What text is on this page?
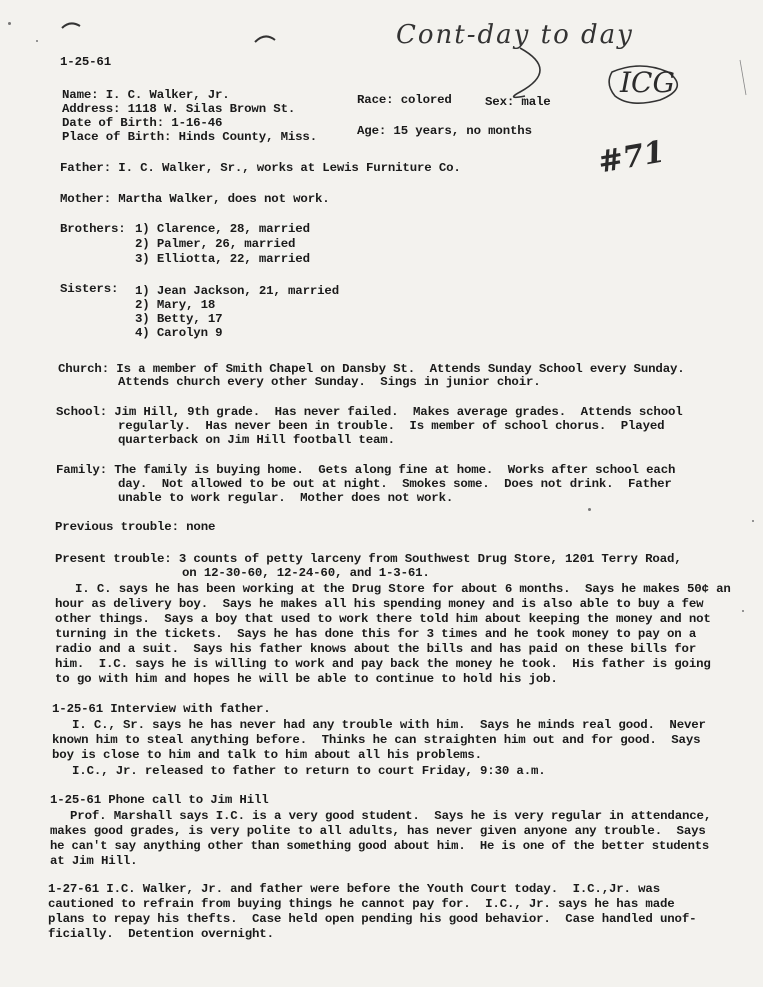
Cont-day to day
ICG
#71
1-25-61
Name: I. C. Walker, Jr.
Address: 1118 W. Silas Brown St.
Date of Birth: 1-16-46
Place of Birth: Hinds County, Miss.
Race: colored	Sex: male
Age: 15 years, no months
Father: I. C. Walker, Sr., works at Lewis Furniture Co.
Mother: Martha Walker, does not work.
Brothers: 1) Clarence, 28, married
2) Palmer, 26, married
3) Elliotta, 22, married
Sisters: 1) Jean Jackson, 21, married
2) Mary, 18
3) Betty, 17
4) Carolyn 9
Church: Is a member of Smith Chapel on Dansby St.  Attends Sunday School every Sunday.
Attends church every other Sunday.  Sings in junior choir.
School: Jim Hill, 9th grade.  Has never failed.  Makes average grades.  Attends school
regularly.  Has never been in trouble.  Is member of school chorus.  Played
quarterback on Jim Hill football team.
Family: The family is buying home.  Gets along fine at home.  Works after school each
day.  Not allowed to be out at night.  Smokes some.  Does not drink.  Father
unable to work regular.  Mother does not work.
Previous trouble: none
Present trouble: 3 counts of petty larceny from Southwest Drug Store, 1201 Terry Road,
on 12-30-60, 12-24-60, and 1-3-61.
I. C. says he has been working at the Drug Store for about 6 months.  Says he makes 50¢ an
hour as delivery boy.  Says he makes all his spending money and is also able to buy a few
other things.  Says a boy that used to work there told him about keeping the money and not
turning in the tickets.  Says he has done this for 3 times and he took money to pay on a
radio and a suit.  Says his father knows about the bills and has paid on these bills for
him.  I.C. says he is willing to work and pay back the money he took.  His father is going
to go with him and hopes he will be able to continue to hold his job.
1-25-61 Interview with father.
I. C., Sr. says he has never had any trouble with him.  Says he minds real good.  Never
known him to steal anything before.  Thinks he can straighten him out and for good.  Says
boy is close to him and talk to him about all his problems.
I.C., Jr. released to father to return to court Friday, 9:30 a.m.
1-25-61 Phone call to Jim Hill
Prof. Marshall says I.C. is a very good student.  Says he is very regular in attendance,
makes good grades, is very polite to all adults, has never given anyone any trouble.  Says
he can't say anything other than something good about him.  He is one of the better students
at Jim Hill.
1-27-61 I.C. Walker, Jr. and father were before the Youth Court today.  I.C.,Jr. was
cautioned to refrain from buying things he cannot pay for.  I.C., Jr. says he has made
plans to repay his thefts.  Case held open pending his good behavior.  Case handled unof-
ficially.  Detention overnight.
